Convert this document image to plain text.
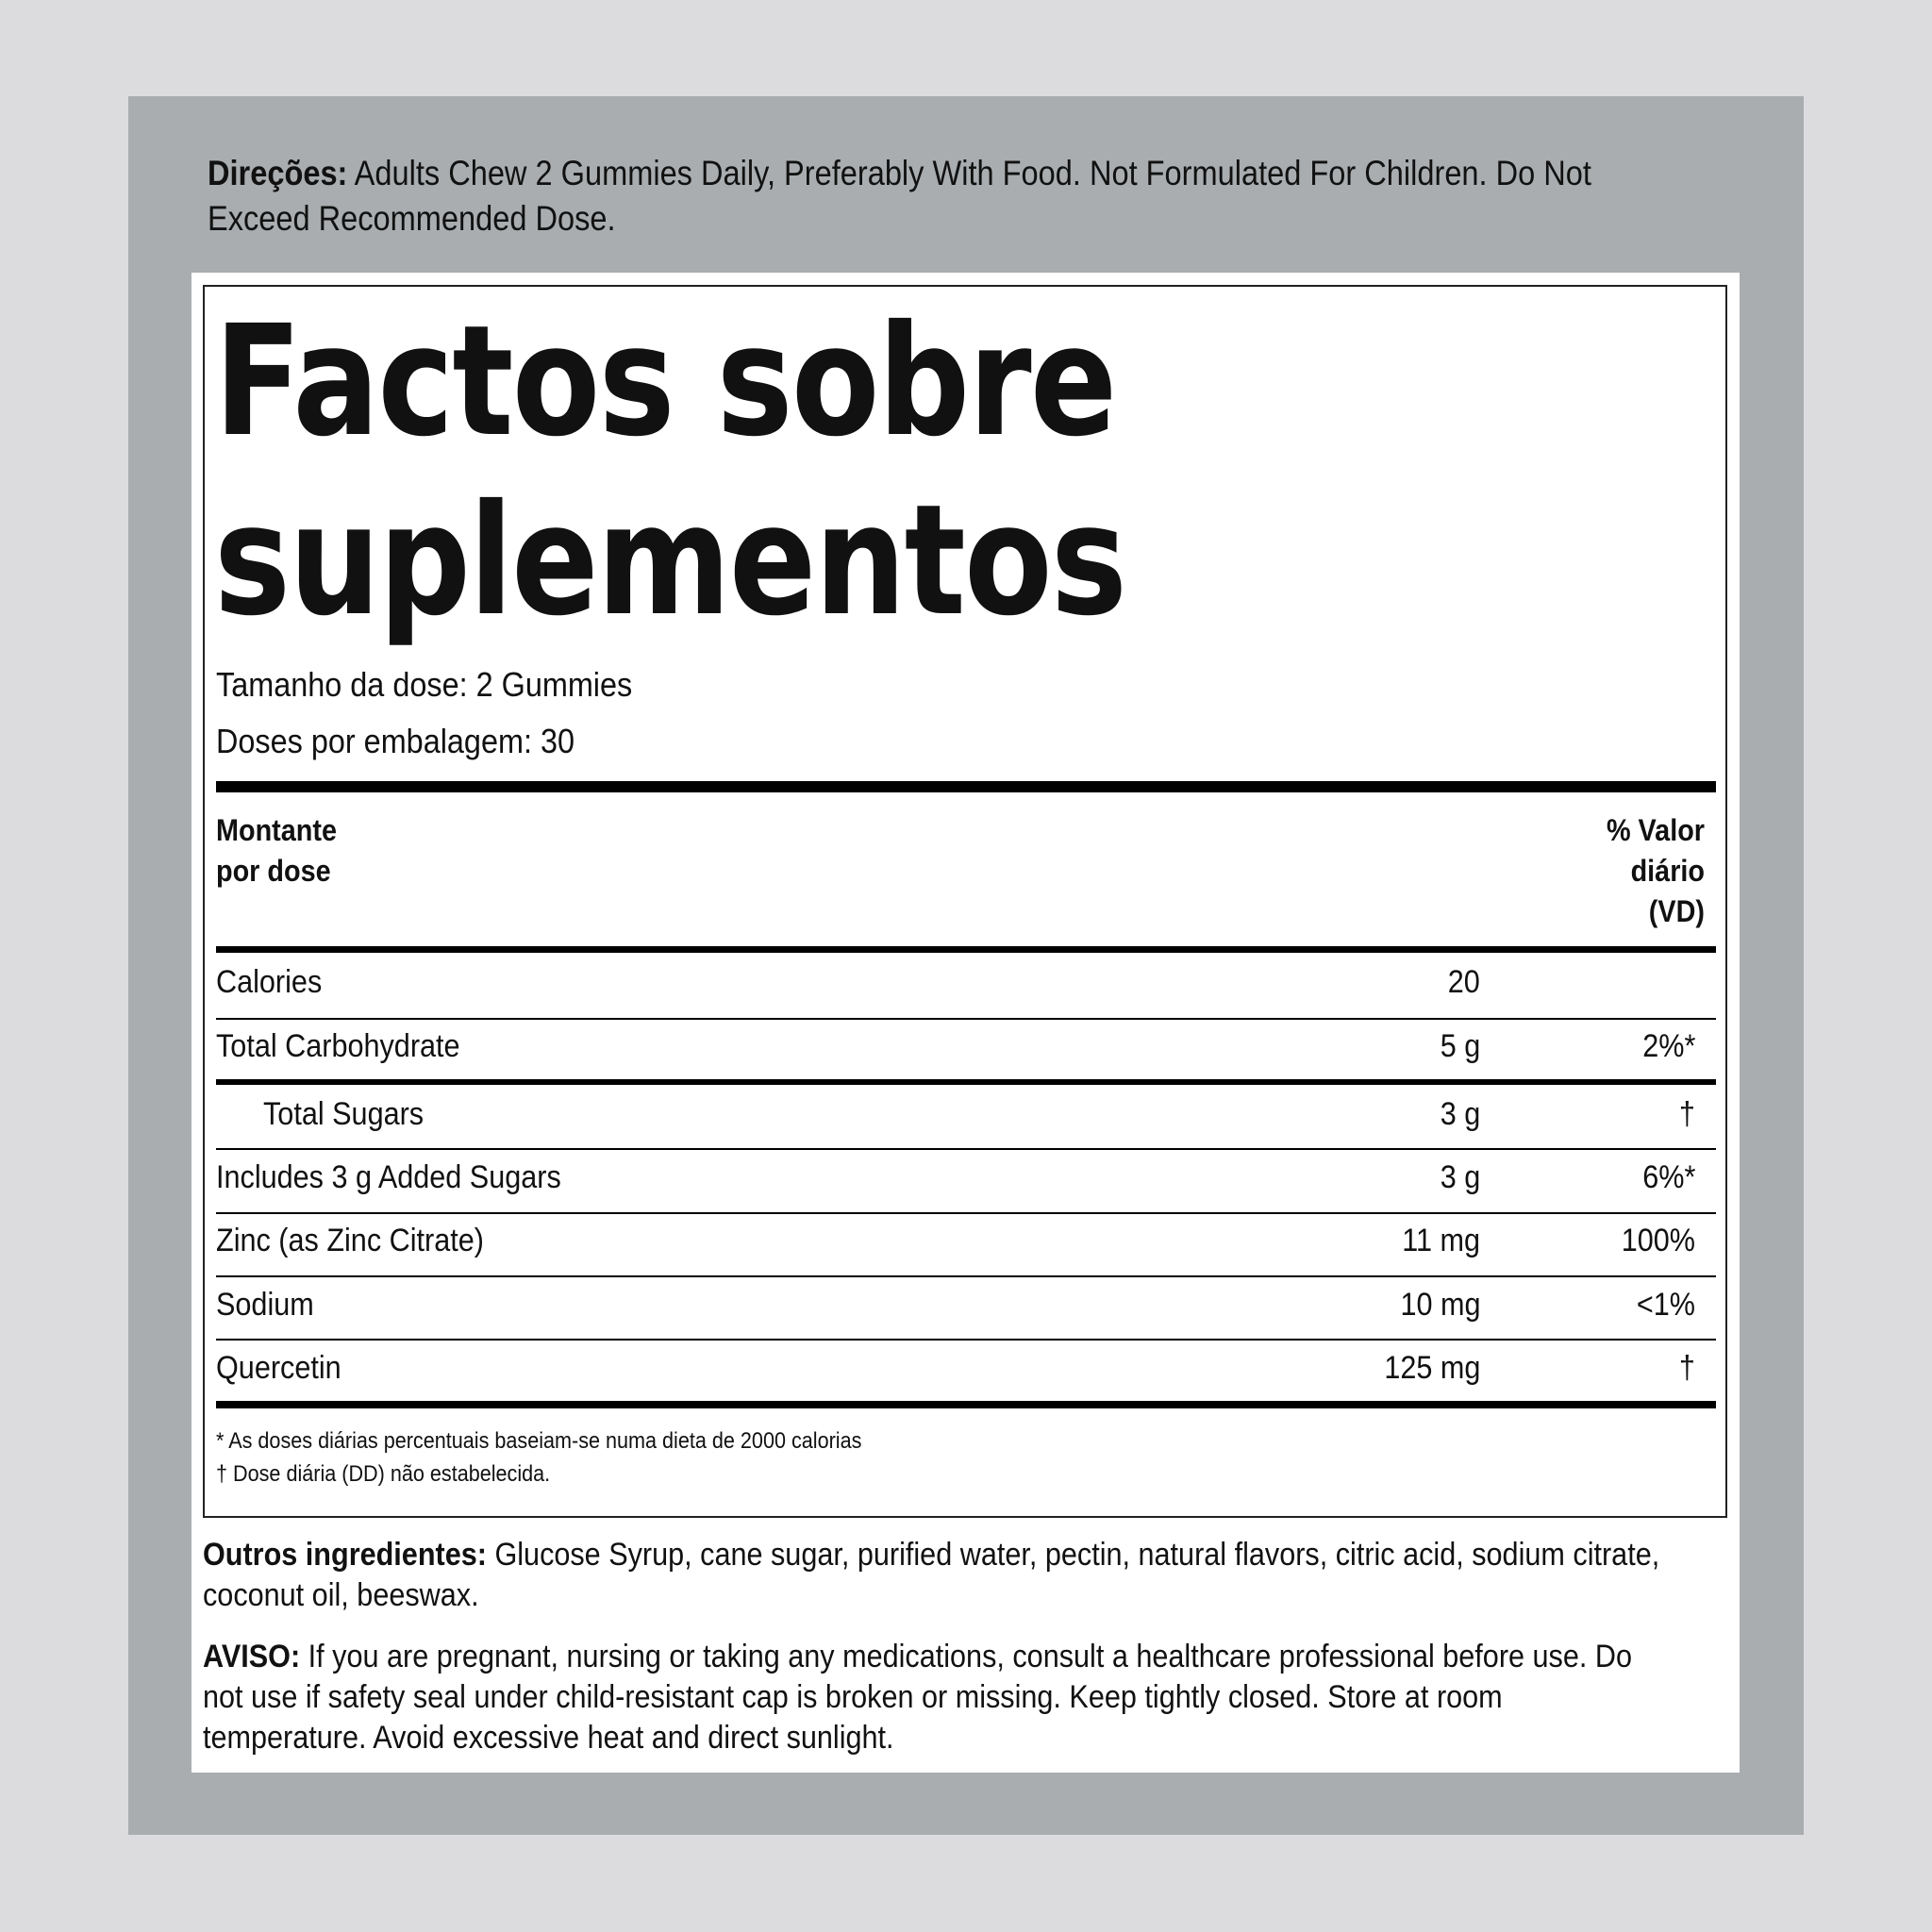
Direções: Adults Chew 2 Gummies Daily, Preferably With Food. Not Formulated For Children. Do Not Exceed Recommended Dose.
Factos sobre
suplementos
Tamanho da dose: 2 Gummies
Doses por embalagem: 30
Montante
por dose
% Valor
diário
(VD)
Calories	20
Total Carbohydrate	5 g	2%*
Total Sugars	3 g	†
Includes 3 g Added Sugars	3 g	6%*
Zinc (as Zinc Citrate)	11 mg	100%
Sodium	10 mg	<1%
Quercetin	125 mg	†
* As doses diárias percentuais baseiam-se numa dieta de 2000 calorias
† Dose diária (DD) não estabelecida.
Outros ingredientes: Glucose Syrup, cane sugar, purified water, pectin, natural flavors, citric acid, sodium citrate, coconut oil, beeswax.
AVISO: If you are pregnant, nursing or taking any medications, consult a healthcare professional before use. Do not use if safety seal under child-resistant cap is broken or missing. Keep tightly closed. Store at room temperature. Avoid excessive heat and direct sunlight.
